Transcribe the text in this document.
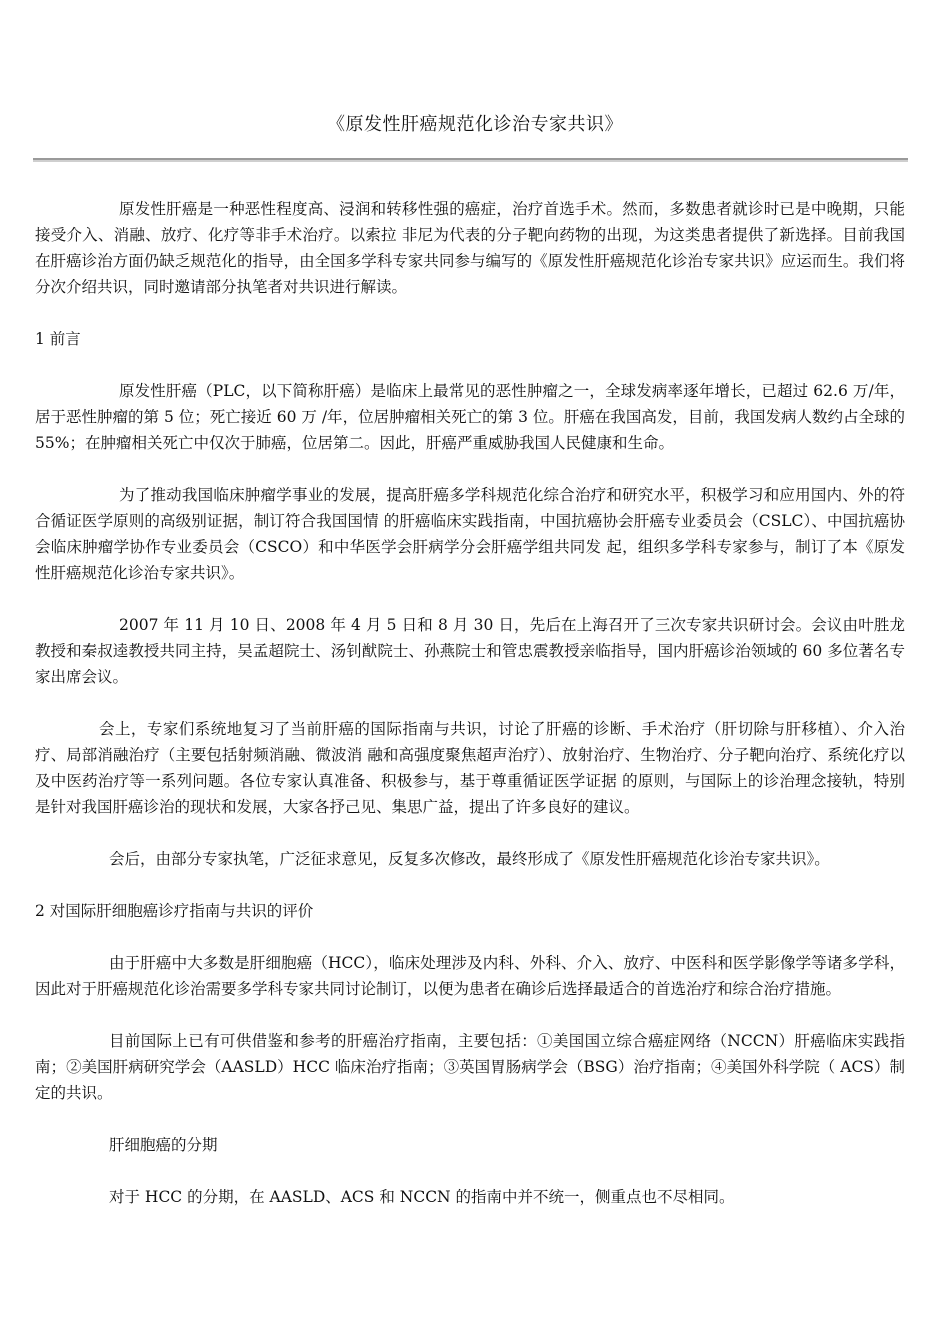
《原发性肝癌规范化诊治专家共识》

原发性肝癌是一种恶性程度高、浸润和转移性强的癌症，治疗首选手术。然而，多数患者就诊时已是中晚期，只能接受介入、消融、放疗、化疗等非手术治疗。以索拉 非尼为代表的分子靶向药物的出现，为这类患者提供了新选择。目前我国在肝癌诊治方面仍缺乏规范化的指导，由全国多学科专家共同参与编写的《原发性肝癌规范化诊治专家共识》应运而生。我们将分次介绍共识，同时邀请部分执笔者对共识进行解读。

1 前言

原发性肝癌（PLC，以下简称肝癌）是临床上最常见的恶性肿瘤之一，全球发病率逐年增长，已超过 62.6 万/年，居于恶性肿瘤的第 5 位；死亡接近 60 万 /年，位居肿瘤相关死亡的第 3 位。肝癌在我国高发，目前，我国发病人数约占全球的 55%；在肿瘤相关死亡中仅次于肺癌，位居第二。因此，肝癌严重威胁我国人民健康和生命。

为了推动我国临床肿瘤学事业的发展，提高肝癌多学科规范化综合治疗和研究水平，积极学习和应用国内、外的符合循证医学原则的高级别证据，制订符合我国国情 的肝癌临床实践指南，中国抗癌协会肝癌专业委员会（CSLC）、中国抗癌协会临床肿瘤学协作专业委员会（CSCO）和中华医学会肝病学分会肝癌学组共同发 起，组织多学科专家参与，制订了本《原发性肝癌规范化诊治专家共识》。

2007 年 11 月 10 日、2008 年 4 月 5 日和 8 月 30 日，先后在上海召开了三次专家共识研讨会。会议由叶胜龙教授和秦叔逵教授共同主持，吴孟超院士、汤钊猷院士、孙燕院士和管忠震教授亲临指导，国内肝癌诊治领域的 60 多位著名专家出席会议。

会上，专家们系统地复习了当前肝癌的国际指南与共识，讨论了肝癌的诊断、手术治疗（肝切除与肝移植）、介入治疗、局部消融治疗（主要包括射频消融、微波消 融和高强度聚焦超声治疗）、放射治疗、生物治疗、分子靶向治疗、系统化疗以及中医药治疗等一系列问题。各位专家认真准备、积极参与，基于尊重循证医学证据 的原则，与国际上的诊治理念接轨，特别是针对我国肝癌诊治的现状和发展，大家各抒己见、集思广益，提出了许多良好的建议。

会后，由部分专家执笔，广泛征求意见，反复多次修改，最终形成了《原发性肝癌规范化诊治专家共识》。

2 对国际肝细胞癌诊疗指南与共识的评价

由于肝癌中大多数是肝细胞癌（HCC），临床处理涉及内科、外科、介入、放疗、中医科和医学影像学等诸多学科，因此对于肝癌规范化诊治需要多学科专家共同讨论制订，以便为患者在确诊后选择最适合的首选治疗和综合治疗措施。

目前国际上已有可供借鉴和参考的肝癌治疗指南，主要包括：①美国国立综合癌症网络（NCCN）肝癌临床实践指南；②美国肝病研究学会（AASLD）HCC 临床治疗指南；③英国胃肠病学会（BSG）治疗指南；④美国外科学院（ ACS）制定的共识。

肝细胞癌的分期

对于 HCC 的分期，在 AASLD、ACS 和 NCCN 的指南中并不统一，侧重点也不尽相同。
